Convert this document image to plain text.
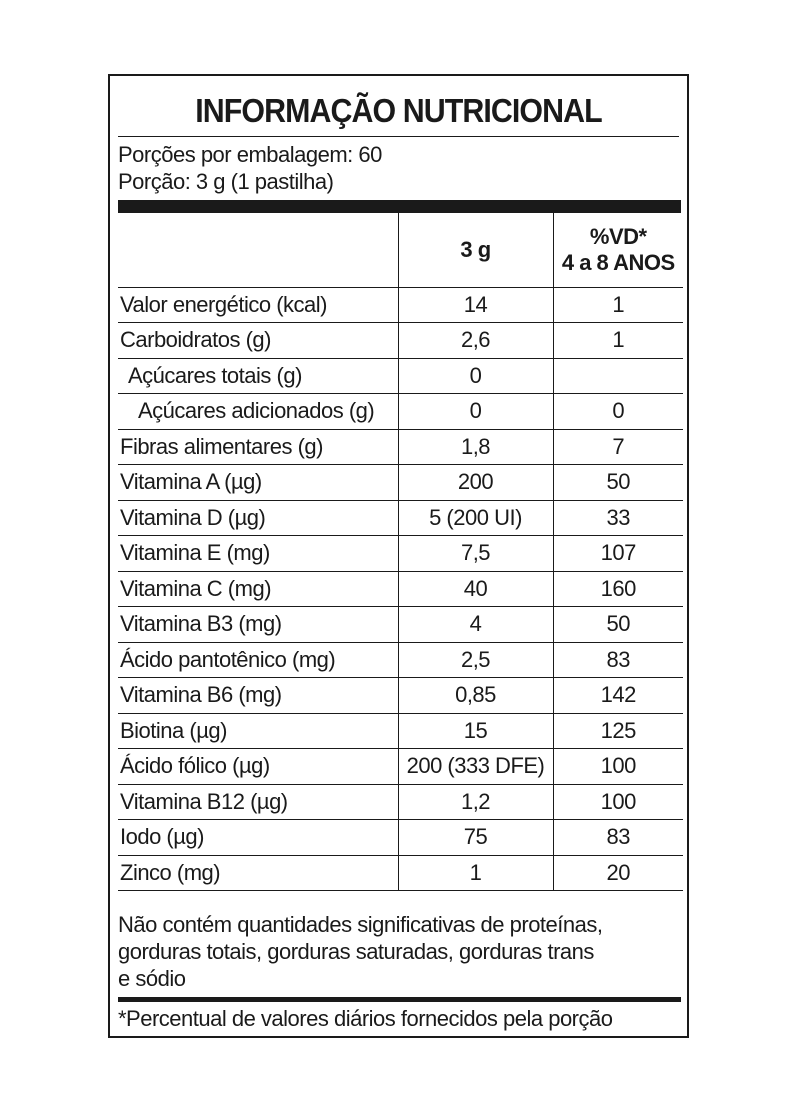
INFORMAÇÃO NUTRICIONAL
Porções por embalagem: 60
Porção: 3 g (1 pastilha)
	3 g	%VD*
4 a 8 ANOS

Valor energético (kcal)	14	1
Carboidratos (g)	2,6	1
Açúcares totais (g)	0	
Açúcares adicionados (g)	0	0
Fibras alimentares (g)	1,8	7
Vitamina A (µg)	200	50
Vitamina D (µg)	5 (200 UI)	33
Vitamina E (mg)	7,5	107
Vitamina C (mg)	40	160
Vitamina B3 (mg)	4	50
Ácido pantotênico (mg)	2,5	83
Vitamina B6 (mg)	0,85	142
Biotina (µg)	15	125
Ácido fólico (µg)	200 (333 DFE)	100
Vitamina B12 (µg)	1,2	100
Iodo (µg)	75	83
Zinco (mg)	1	20
Não contém quantidades significativas de proteínas,
gorduras totais, gorduras saturadas, gorduras trans
e sódio
*Percentual de valores diários fornecidos pela porção
